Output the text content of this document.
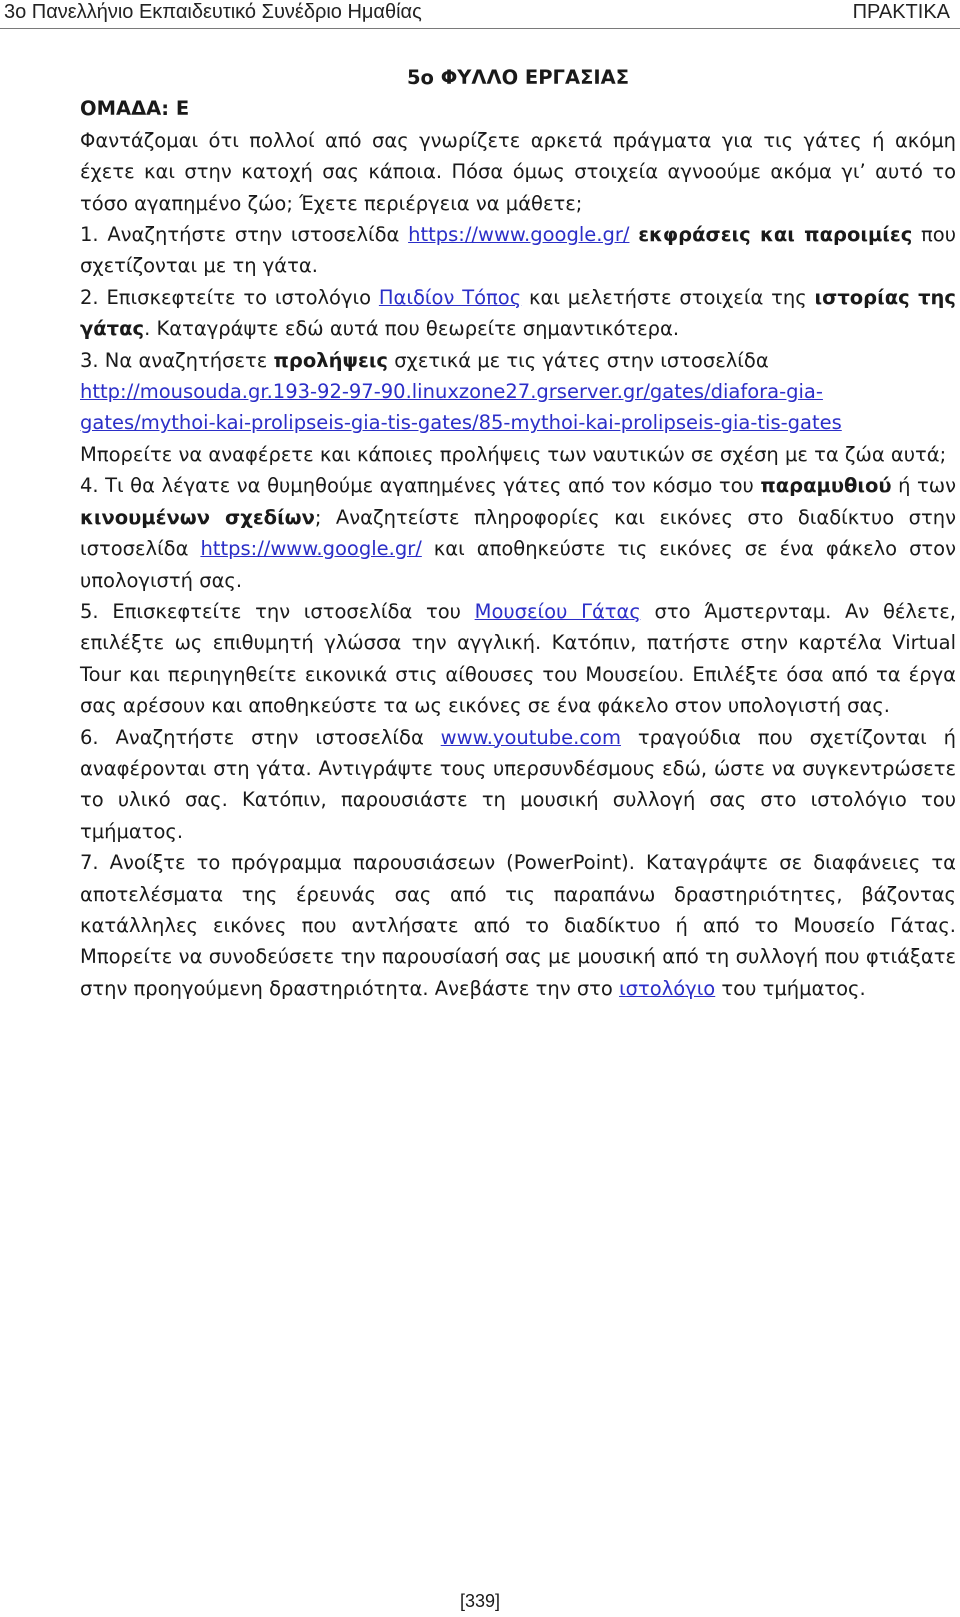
3ο Πανελλήνιο Εκπαιδευτικό Συνέδριο Ημαθίας	ΠΡΑΚΤΙΚΑ

5ο ΦΥΛΛΟ ΕΡΓΑΣΙΑΣ

ΟΜΑΔΑ: Ε

Φαντάζομαι ότι πολλοί από σας γνωρίζετε αρκετά πράγματα για τις γάτες ή ακόμη έχετε και στην κατοχή σας κάποια. Πόσα όμως στοιχεία αγνοούμε ακόμα γι’ αυτό το τόσο αγαπημένο ζώο; Έχετε περιέργεια να μάθετε;

1. Αναζητήστε στην ιστοσελίδα https://www.google.gr/ εκφράσεις και παροιμίες που σχετίζονται με τη γάτα.

2. Επισκεφτείτε το ιστολόγιο Παιδίον Τόπος και μελετήστε στοιχεία της ιστορίας της γάτας. Καταγράψτε εδώ αυτά που θεωρείτε σημαντικότερα.

3. Να αναζητήσετε προλήψεις σχετικά με τις γάτες στην ιστοσελίδα
http://mousouda.gr.193-92-97-90.linuxzone27.grserver.gr/gates/diafora-gia-
gates/mythoi-kai-prolipseis-gia-tis-gates/85-mythoi-kai-prolipseis-gia-tis-gates
Μπορείτε να αναφέρετε και κάποιες προλήψεις των ναυτικών σε σχέση με τα ζώα αυτά;

4. Τι θα λέγατε να θυμηθούμε αγαπημένες γάτες από τον κόσμο του παραμυθιού ή των κινουμένων σχεδίων; Αναζητείστε πληροφορίες και εικόνες στο διαδίκτυο στην ιστοσελίδα https://www.google.gr/ και αποθηκεύστε τις εικόνες σε ένα φάκελο στον υπολογιστή σας.

5. Επισκεφτείτε την ιστοσελίδα του Μουσείου Γάτας στο Άμστερνταμ. Αν θέλετε, επιλέξτε ως επιθυμητή γλώσσα την αγγλική. Κατόπιν, πατήστε στην καρτέλα Virtual Tour και περιηγηθείτε εικονικά στις αίθουσες του Μουσείου. Επιλέξτε όσα από τα έργα σας αρέσουν και αποθηκεύστε τα ως εικόνες σε ένα φάκελο στον υπολογιστή σας.

6. Αναζητήστε στην ιστοσελίδα www.youtube.com τραγούδια που σχετίζονται ή αναφέρονται στη γάτα. Αντιγράψτε τους υπερσυνδέσμους εδώ, ώστε να συγκεντρώσετε το υλικό σας. Κατόπιν, παρουσιάστε τη μουσική συλλογή σας στο ιστολόγιο του τμήματος.

7. Ανοίξτε το πρόγραμμα παρουσιάσεων (PowerPoint). Καταγράψτε σε διαφάνειες τα αποτελέσματα της έρευνάς σας από τις παραπάνω δραστηριότητες, βάζοντας κατάλληλες εικόνες που αντλήσατε από το διαδίκτυο ή από το Μουσείο Γάτας. Μπορείτε να συνοδεύσετε την παρουσίασή σας με μουσική από τη συλλογή που φτιάξατε στην προηγούμενη δραστηριότητα. Ανεβάστε την στο ιστολόγιο του τμήματος.

[339]
